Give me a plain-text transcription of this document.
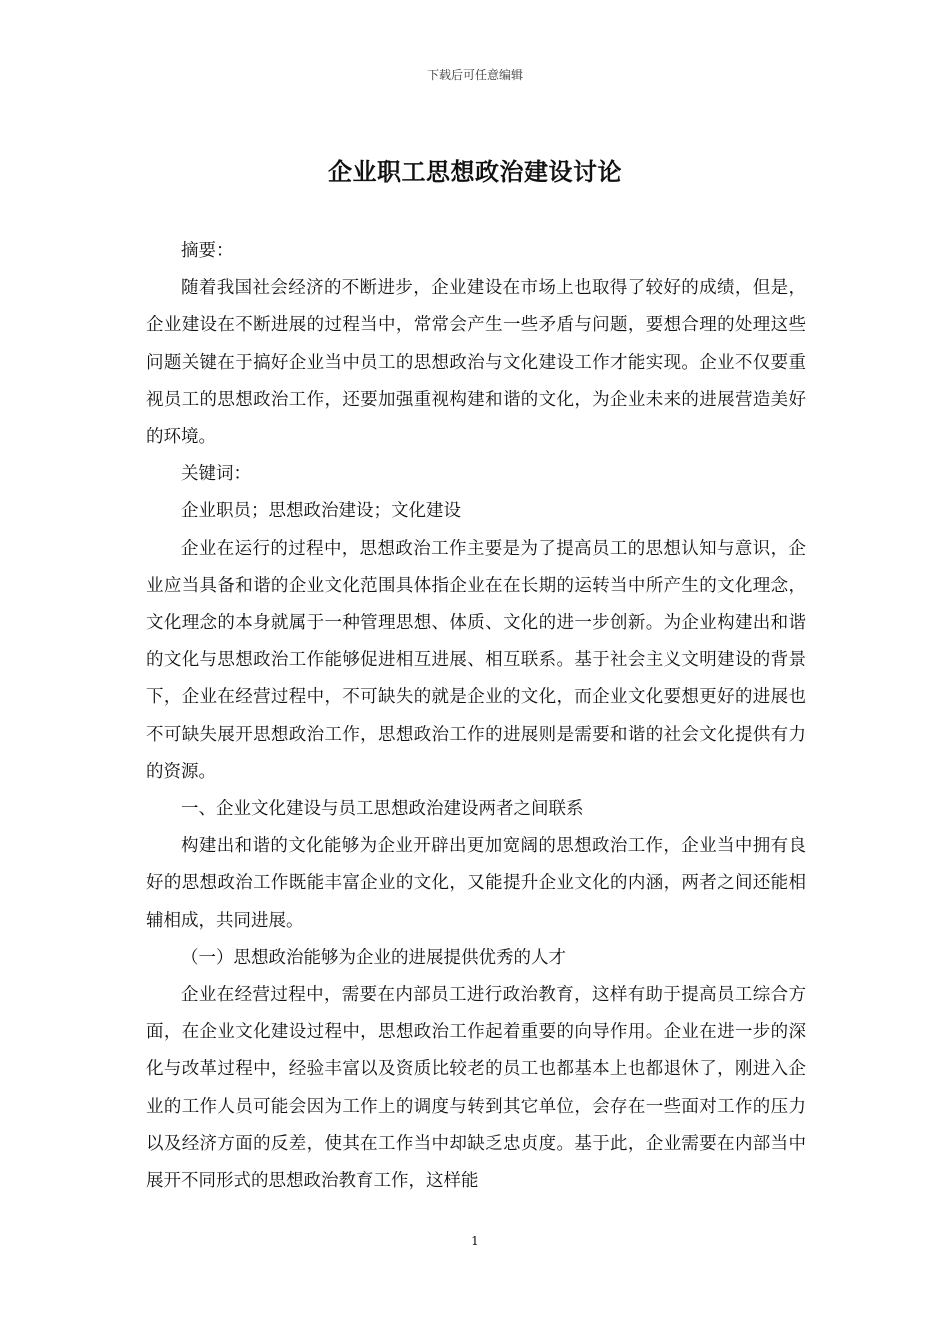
下载后可任意编辑
企业职工思想政治建设讨论

摘要：

随着我国社会经济的不断进步，企业建设在市场上也取得了较好的成绩，但是，企业建设在不断进展的过程当中，常常会产生一些矛盾与问题，要想合理的处理这些问题关键在于搞好企业当中员工的思想政治与文化建设工作才能实现。企业不仅要重视员工的思想政治工作，还要加强重视构建和谐的文化，为企业未来的进展营造美好的环境。

关键词：

企业职员；思想政治建设；文化建设

企业在运行的过程中，思想政治工作主要是为了提高员工的思想认知与意识，企业应当具备和谐的企业文化范围具体指企业在在长期的运转当中所产生的文化理念，文化理念的本身就属于一种管理思想、体质、文化的进一步创新。为企业构建出和谐的文化与思想政治工作能够促进相互进展、相互联系。基于社会主义文明建设的背景下，企业在经营过程中，不可缺失的就是企业的文化，而企业文化要想更好的进展也不可缺失展开思想政治工作，思想政治工作的进展则是需要和谐的社会文化提供有力的资源。

一、企业文化建设与员工思想政治建设两者之间联系

构建出和谐的文化能够为企业开辟出更加宽阔的思想政治工作，企业当中拥有良好的思想政治工作既能丰富企业的文化，又能提升企业文化的内涵，两者之间还能相辅相成，共同进展。

（一）思想政治能够为企业的进展提供优秀的人才

企业在经营过程中，需要在内部员工进行政治教育，这样有助于提高员工综合方面，在企业文化建设过程中，思想政治工作起着重要的向导作用。企业在进一步的深化与改革过程中，经验丰富以及资质比较老的员工也都基本上也都退休了，刚进入企业的工作人员可能会因为工作上的调度与转到其它单位，会存在一些面对工作的压力以及经济方面的反差，使其在工作当中却缺乏忠贞度。基于此，企业需要在内部当中展开不同形式的思想政治教育工作，这样能

1
